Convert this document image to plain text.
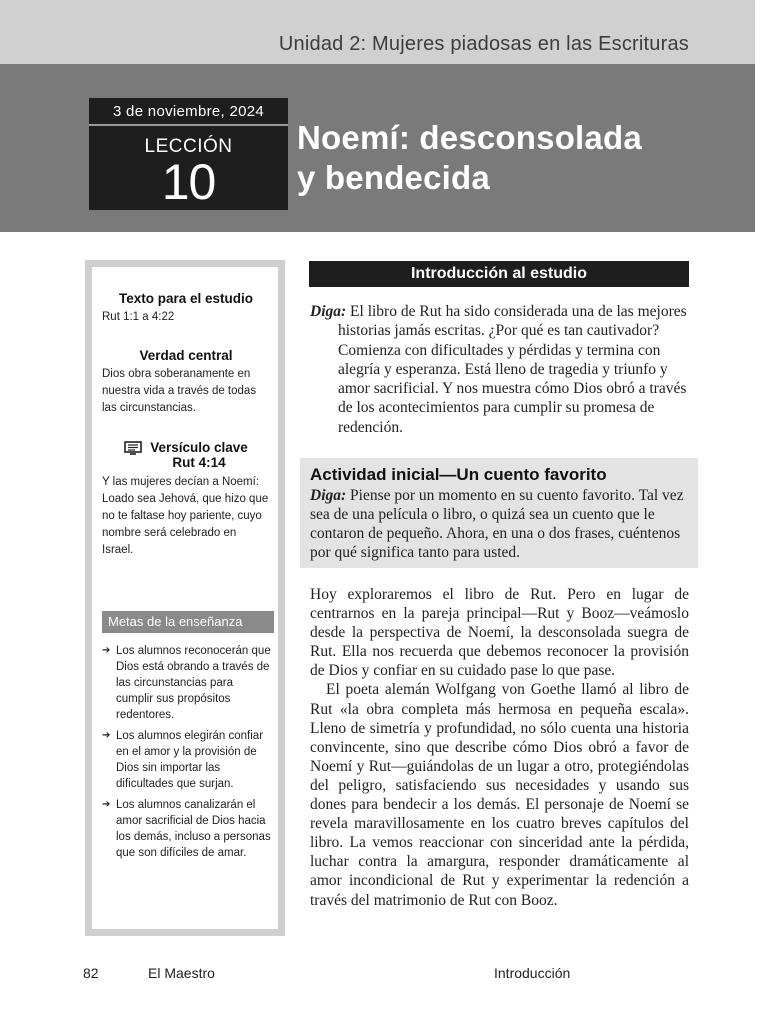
Unidad 2: Mujeres piadosas en las Escrituras
3 de noviembre, 2024
LECCIÓN
10
Noemí: desconsolada
y bendecida
Texto para el estudio
Rut 1:1 a 4:22
Verdad central
Dios obra soberanamente en nuestra vida a través de todas las circunstancias.
Versículo clave
Rut 4:14
Y las mujeres decían a Noemí: Loado sea Jehová, que hizo que no te faltase hoy pariente, cuyo nombre será celebrado en Israel.
Metas de la enseñanza
➔ Los alumnos reconocerán que Dios está obrando a través de las circunstancias para cumplir sus propósitos redentores.
➔ Los alumnos elegirán confiar en el amor y la provisión de Dios sin importar las dificultades que surjan.
➔ Los alumnos canalizarán el amor sacrificial de Dios hacia los demás, incluso a personas que son difíciles de amar.
Introducción al estudio
Diga: El libro de Rut ha sido considerada una de las mejores historias jamás escritas. ¿Por qué es tan cautivador? Comienza con dificultades y pérdidas y termina con alegría y esperanza. Está lleno de tragedia y triunfo y amor sacrificial. Y nos muestra cómo Dios obró a través de los acontecimientos para cumplir su promesa de redención.
Actividad inicial—Un cuento favorito
Diga: Piense por un momento en su cuento favorito. Tal vez sea de una película o libro, o quizá sea un cuento que le contaron de pequeño. Ahora, en una o dos frases, cuéntenos por qué significa tanto para usted.

Hoy exploraremos el libro de Rut. Pero en lugar de centrarnos en la pareja principal—Rut y Booz—veámoslo desde la perspectiva de Noemí, la desconsolada suegra de Rut. Ella nos recuerda que debemos reconocer la provisión de Dios y confiar en su cuidado pase lo que pase.

El poeta alemán Wolfgang von Goethe llamó al libro de Rut «la obra completa más hermosa en pequeña escala». Lleno de simetría y profundidad, no sólo cuenta una historia convincente, sino que describe cómo Dios obró a favor de Noemí y Rut—guiándolas de un lugar a otro, protegiéndolas del peligro, satisfaciendo sus necesidades y usando sus dones para bendecir a los demás. El personaje de Noemí se revela maravillosamente en los cuatro breves capítulos del libro. La vemos reaccionar con sinceridad ante la pérdida, luchar contra la amargura, responder dramáticamente al amor incondicional de Rut y experimentar la redención a través del matrimonio de Rut con Booz.

82	El Maestro	Introducción
